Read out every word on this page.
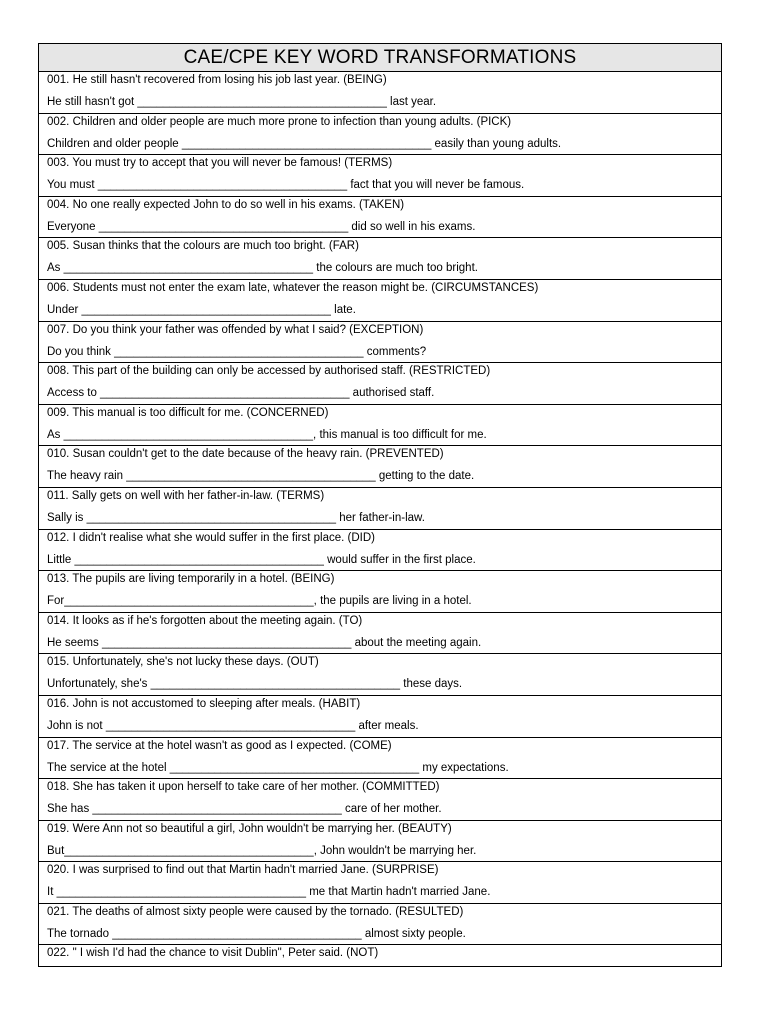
CAE/CPE KEY WORD TRANSFORMATIONS
001. He still hasn't recovered from losing his job last year. (BEING)
He still hasn't got _______________________________________ last year.
002. Children and older people are much more prone to infection than young adults. (PICK)
Children and older people _______________________________________ easily than young adults.
003. You must try to accept that you will never be famous! (TERMS)
You must _______________________________________ fact that you will never be famous.
004. No one really expected John to do so well in his exams. (TAKEN)
Everyone _______________________________________ did so well in his exams.
005. Susan thinks that the colours are much too bright. (FAR)
As _______________________________________ the colours are much too bright.
006. Students must not enter the exam late, whatever the reason might be. (CIRCUMSTANCES)
Under _______________________________________ late.
007. Do you think your father was offended by what I said? (EXCEPTION)
Do you think _______________________________________ comments?
008. This part of the building can only be accessed by authorised staff. (RESTRICTED)
Access to _______________________________________ authorised staff.
009. This manual is too difficult for me. (CONCERNED)
As _______________________________________, this manual is too difficult for me.
010. Susan couldn't get to the date because of the heavy rain. (PREVENTED)
The heavy rain _______________________________________ getting to the date.
011. Sally gets on well with her father-in-law. (TERMS)
Sally is _______________________________________ her father-in-law.
012. I didn't realise what she would suffer in the first place. (DID)
Little _______________________________________ would suffer in the first place.
013. The pupils are living temporarily in a hotel. (BEING)
For_______________________________________, the pupils are living in a hotel.
014. It looks as if he's forgotten about the meeting again. (TO)
He seems _______________________________________ about the meeting again.
015. Unfortunately, she's not lucky these days. (OUT)
Unfortunately, she's _______________________________________ these days.
016. John is not accustomed to sleeping after meals. (HABIT)
John is not _______________________________________ after meals.
017. The service at the hotel wasn't as good as I expected. (COME)
The service at the hotel _______________________________________ my expectations.
018. She has taken it upon herself to take care of her mother. (COMMITTED)
She has _______________________________________ care of her mother.
019. Were Ann not so beautiful a girl, John wouldn't be marrying her. (BEAUTY)
But_______________________________________, John wouldn't be marrying her.
020. I was surprised to find out that Martin hadn't married Jane. (SURPRISE)
It _______________________________________ me that Martin hadn't married Jane.
021. The deaths of almost sixty people were caused by the tornado. (RESULTED)
The tornado _______________________________________ almost sixty people.
022. " I wish I'd had the chance to visit Dublin", Peter said. (NOT)
